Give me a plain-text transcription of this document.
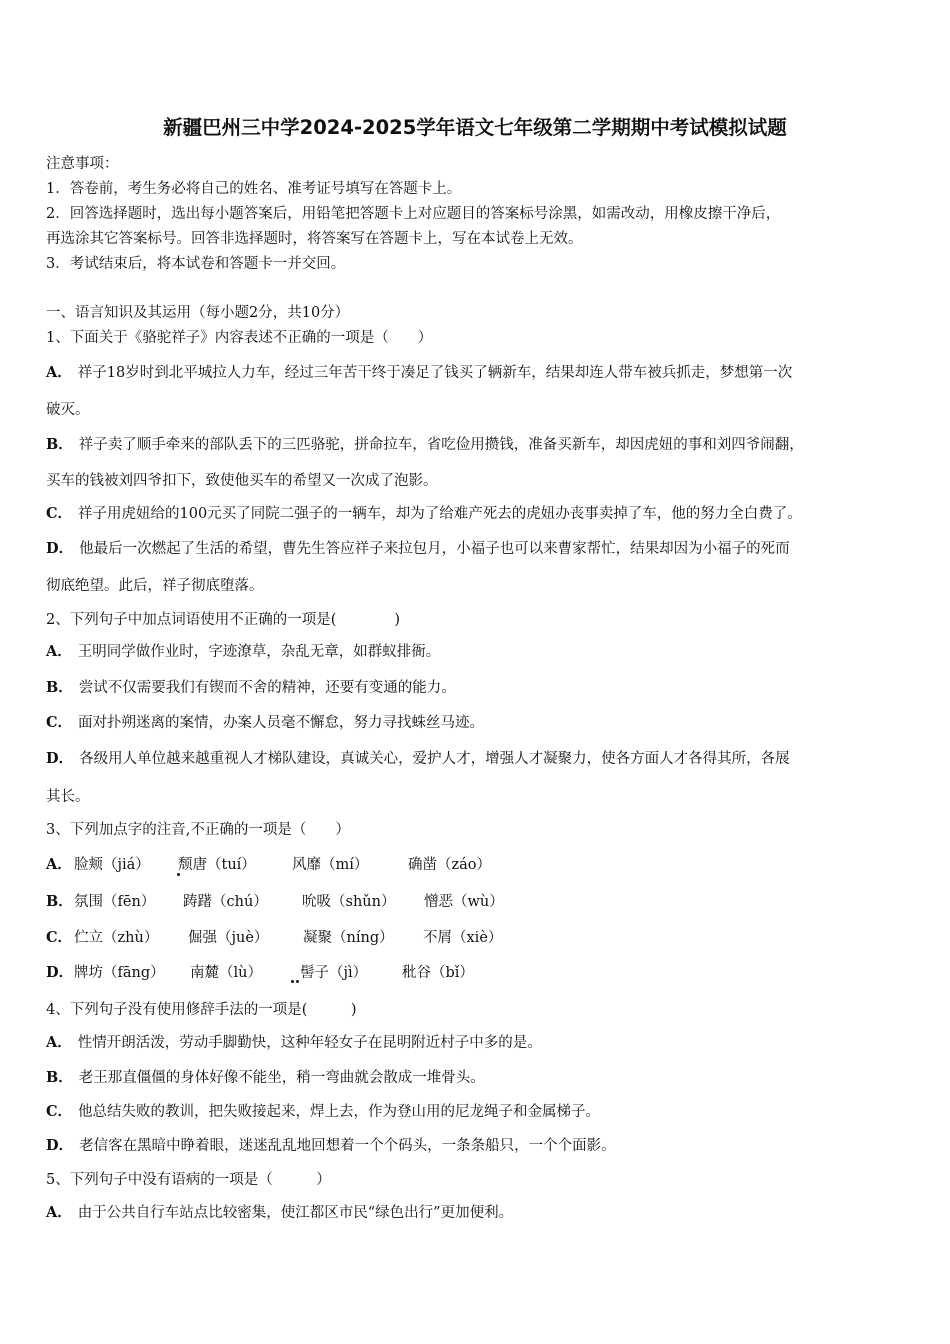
新疆巴州三中学2024-2025学年语文七年级第二学期期中考试模拟试题
注意事项：
1．答卷前，考生务必将自己的姓名、准考证号填写在答题卡上。
2．回答选择题时，选出每小题答案后，用铅笔把答题卡上对应题目的答案标号涂黑，如需改动，用橡皮擦干净后，
再选涂其它答案标号。回答非选择题时，将答案写在答题卡上，写在本试卷上无效。
3．考试结束后，将本试卷和答题卡一并交回。
一、语言知识及其运用（每小题2分，共10分）
1、下面关于《骆驼祥子》内容表述不正确的一项是（　　）
A． 祥子18岁时到北平城拉人力车，经过三年苦干终于凑足了钱买了辆新车，结果却连人带车被兵抓走，梦想第一次
破灭。
B． 祥子卖了顺手牵来的部队丢下的三匹骆驼，拼命拉车，省吃俭用攒钱，准备买新车，却因虎妞的事和刘四爷闹翻，
买车的钱被刘四爷扣下，致使他买车的希望又一次成了泡影。
C． 祥子用虎妞给的100元买了同院二强子的一辆车，却为了给难产死去的虎妞办丧事卖掉了车，他的努力全白费了。
D． 他最后一次燃起了生活的希望，曹先生答应祥子来拉包月，小福子也可以来曹家帮忙，结果却因为小福子的死而
彻底绝望。此后，祥子彻底堕落。
2、下列句子中加点词语使用不正确的一项是(　　　　)
A． 王明同学做作业时，字迹潦草，杂乱无章，如群蚁排衙。
B． 尝试不仅需要我们有锲而不舍的精神，还要有变通的能力。
C． 面对扑朔迷离的案情，办案人员毫不懈怠，努力寻找蛛丝马迹。
D． 各级用人单位越来越重视人才梯队建设，真诚关心，爱护人才，增强人才凝聚力，使各方面人才各得其所，各展
其长。
3、下列加点字的注音,不正确的一项是（　　）
A． 脸颊（jiá） 颓唐（tuí） 风靡（mí）	确凿（záo）
B． 氛围（fēn） 踌躇（chú） 吮吸（shǔn） 憎恶（wù）
C． 伫立（zhù） 倔强（juè） 凝聚（níng） 不屑（xiè）
D． 牌坊（fāng） 南麓（lù）	髻子（jì） 秕谷（bǐ）
4、下列句子没有使用修辞手法的一项是(　　　)
A． 性情开朗活泼，劳动手脚勤快，这种年轻女子在昆明附近村子中多的是。
B． 老王那直僵僵的身体好像不能坐，稍一弯曲就会散成一堆骨头。
C． 他总结失败的教训，把失败接起来，焊上去，作为登山用的尼龙绳子和金属梯子。
D． 老信客在黑暗中睁着眼，迷迷乱乱地回想着一个个码头，一条条船只，一个个面影。
5、下列句子中没有语病的一项是（　　　）
A． 由于公共自行车站点比较密集，使江都区市民“绿色出行”更加便利。
